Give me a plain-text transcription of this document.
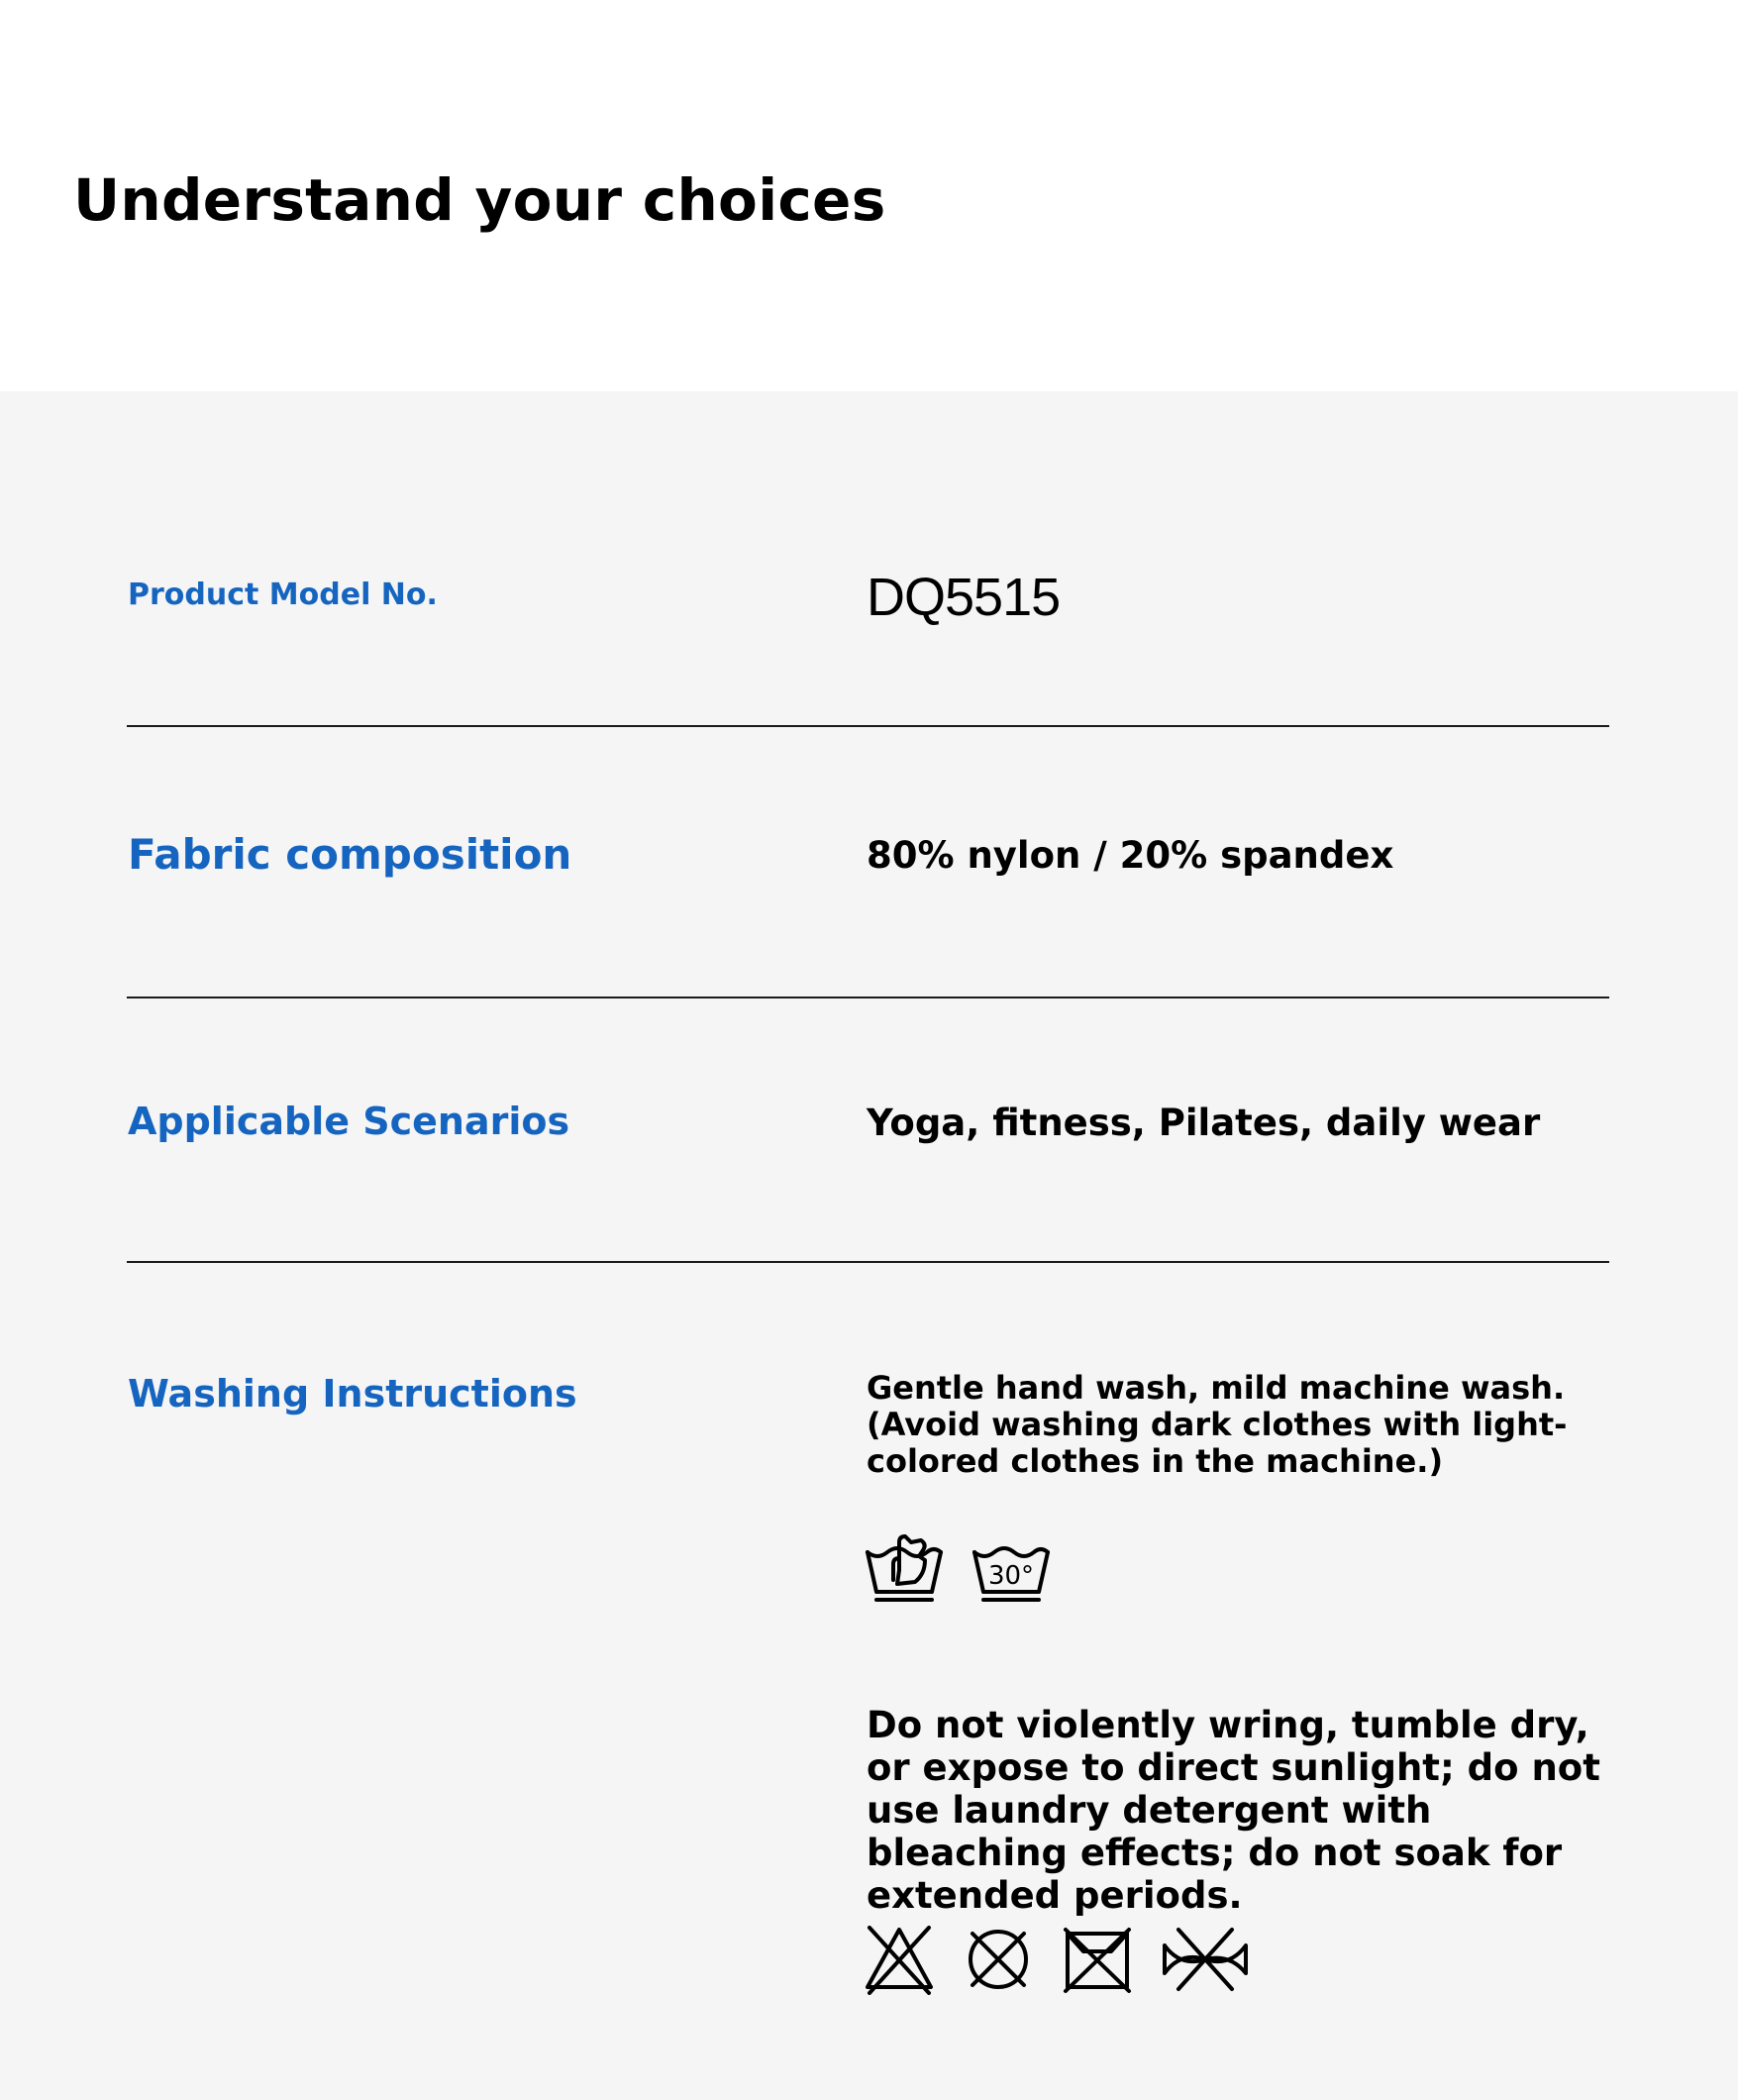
Understand your choices

Product Model No.	DQ5515

Fabric composition	80% nylon / 20% spandex

Applicable Scenarios	Yoga, fitness, Pilates, daily wear

Washing Instructions	Gentle hand wash, mild machine wash. (Avoid washing dark clothes with light-colored clothes in the machine.)

30°

Do not violently wring, tumble dry, or expose to direct sunlight; do not use laundry detergent with bleaching effects; do not soak for extended periods.
